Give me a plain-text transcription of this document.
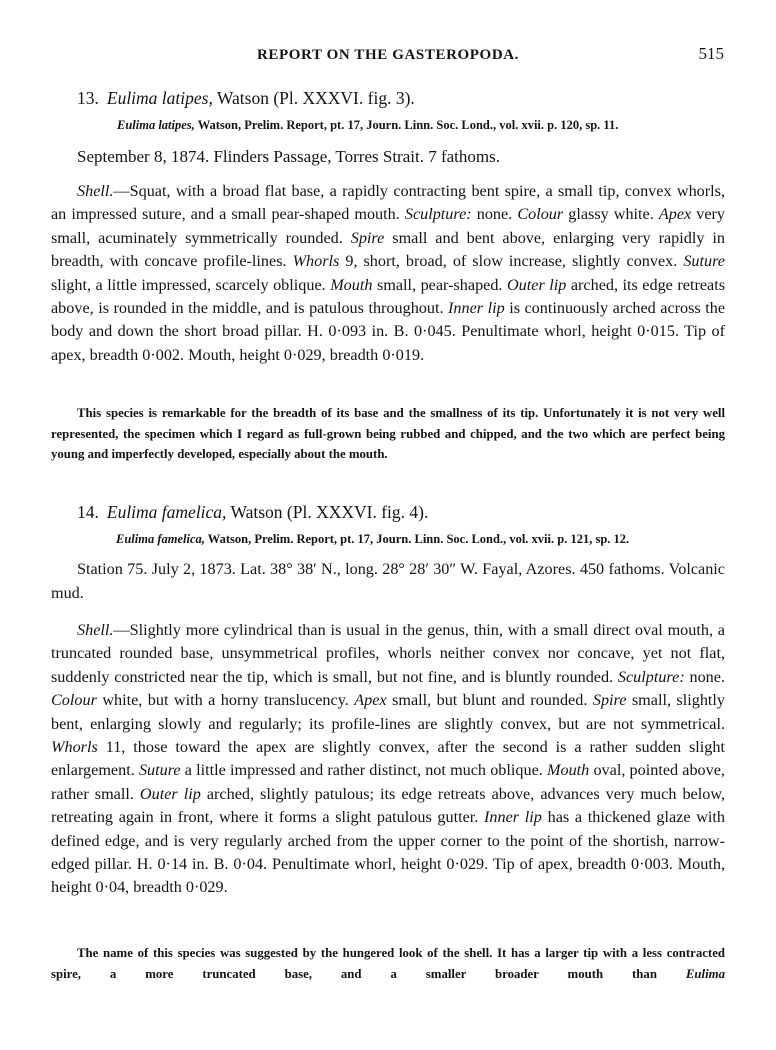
REPORT ON THE GASTEROPODA.	515
13. Eulima latipes, Watson (Pl. XXXVI. fig. 3).
Eulima latipes, Watson, Prelim. Report, pt. 17, Journ. Linn. Soc. Lond., vol. xvii. p. 120, sp. 11.
September 8, 1874. Flinders Passage, Torres Strait. 7 fathoms.

Shell.—Squat, with a broad flat base, a rapidly contracting bent spire, a small tip, convex whorls, an impressed suture, and a small pear-shaped mouth. Sculpture: none. Colour glassy white. Apex very small, acuminately symmetrically rounded. Spire small and bent above, enlarging very rapidly in breadth, with concave profile-lines. Whorls 9, short, broad, of slow increase, slightly convex. Suture slight, a little impressed, scarcely oblique. Mouth small, pear-shaped. Outer lip arched, its edge retreats above, is rounded in the middle, and is patulous throughout. Inner lip is continuously arched across the body and down the short broad pillar. H. 0·093 in. B. 0·045. Penultimate whorl, height 0·015. Tip of apex, breadth 0·002. Mouth, height 0·029, breadth 0·019.

This species is remarkable for the breadth of its base and the smallness of its tip. Unfortunately it is not very well represented, the specimen which I regard as full-grown being rubbed and chipped, and the two which are perfect being young and imperfectly developed, especially about the mouth.

14. Eulima famelica, Watson (Pl. XXXVI. fig. 4).
Eulima famelica, Watson, Prelim. Report, pt. 17, Journ. Linn. Soc. Lond., vol. xvii. p. 121, sp. 12.

Station 75. July 2, 1873. Lat. 38° 38′ N., long. 28° 28′ 30″ W. Fayal, Azores. 450 fathoms. Volcanic mud.

Shell.—Slightly more cylindrical than is usual in the genus, thin, with a small direct oval mouth, a truncated rounded base, unsymmetrical profiles, whorls neither convex nor concave, yet not flat, suddenly constricted near the tip, which is small, but not fine, and is bluntly rounded. Sculpture: none. Colour white, but with a horny translucency. Apex small, but blunt and rounded. Spire small, slightly bent, enlarging slowly and regularly; its profile-lines are slightly convex, but are not symmetrical. Whorls 11, those toward the apex are slightly convex, after the second is a rather sudden slight enlargement. Suture a little impressed and rather distinct, not much oblique. Mouth oval, pointed above, rather small. Outer lip arched, slightly patulous; its edge retreats above, advances very much below, retreating again in front, where it forms a slight patulous gutter. Inner lip has a thickened glaze with defined edge, and is very regularly arched from the upper corner to the point of the shortish, narrow-edged pillar. H. 0·14 in. B. 0·04. Penultimate whorl, height 0·029. Tip of apex, breadth 0·003. Mouth, height 0·04, breadth 0·029.

The name of this species was suggested by the hungered look of the shell. It has a larger tip with a less contracted spire, a more truncated base, and a smaller broader mouth than Eulima
